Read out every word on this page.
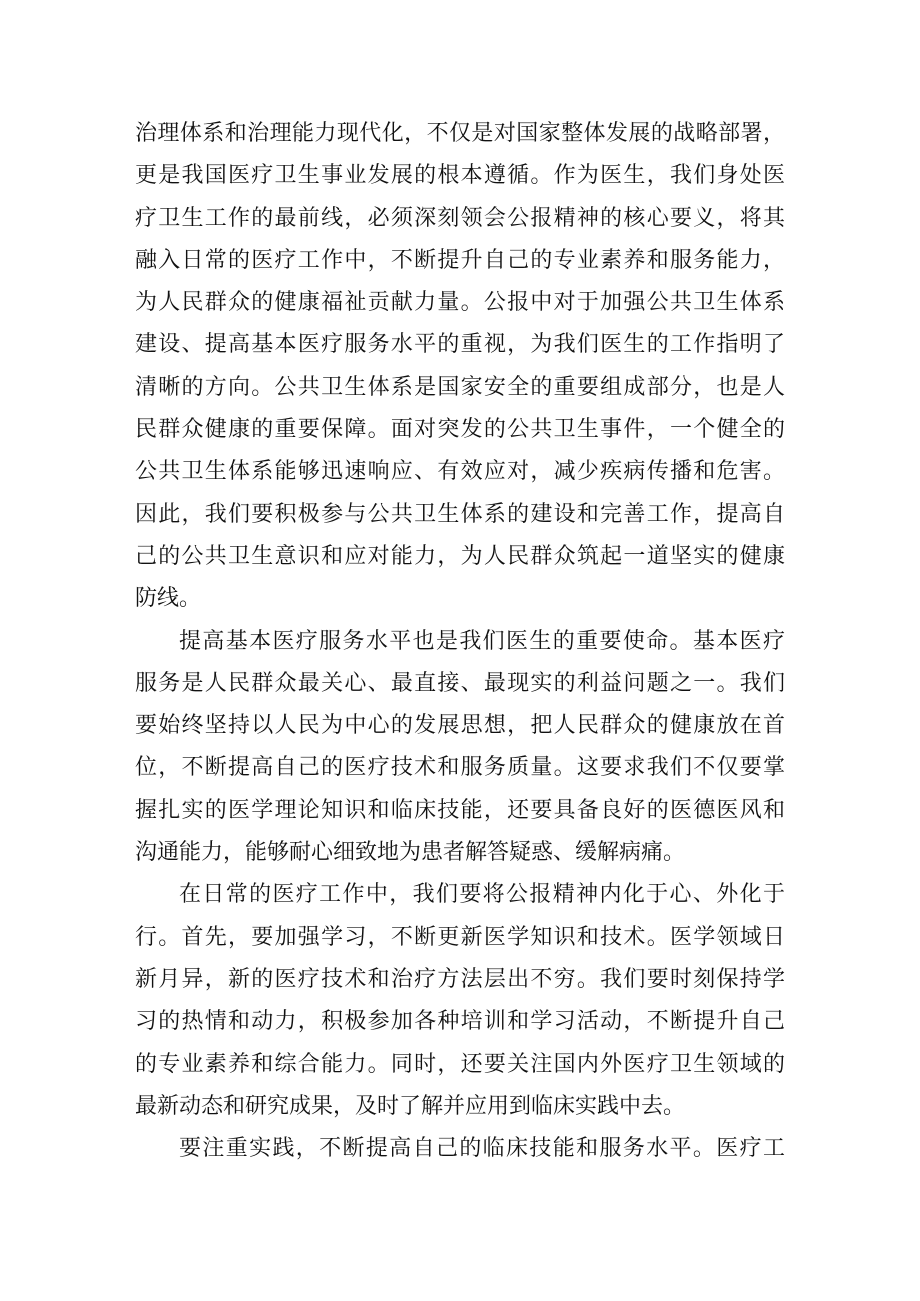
治理体系和治理能力现代化，不仅是对国家整体发展的战略部署，
更是我国医疗卫生事业发展的根本遵循。作为医生，我们身处医
疗卫生工作的最前线，必须深刻领会公报精神的核心要义，将其
融入日常的医疗工作中，不断提升自己的专业素养和服务能力，
为人民群众的健康福祉贡献力量。公报中对于加强公共卫生体系
建设、提高基本医疗服务水平的重视，为我们医生的工作指明了
清晰的方向。公共卫生体系是国家安全的重要组成部分，也是人
民群众健康的重要保障。面对突发的公共卫生事件，一个健全的
公共卫生体系能够迅速响应、有效应对，减少疾病传播和危害。
因此，我们要积极参与公共卫生体系的建设和完善工作，提高自
己的公共卫生意识和应对能力，为人民群众筑起一道坚实的健康
防线。
提高基本医疗服务水平也是我们医生的重要使命。基本医疗
服务是人民群众最关心、最直接、最现实的利益问题之一。我们
要始终坚持以人民为中心的发展思想，把人民群众的健康放在首
位，不断提高自己的医疗技术和服务质量。这要求我们不仅要掌
握扎实的医学理论知识和临床技能，还要具备良好的医德医风和
沟通能力，能够耐心细致地为患者解答疑惑、缓解病痛。
在日常的医疗工作中，我们要将公报精神内化于心、外化于
行。首先，要加强学习，不断更新医学知识和技术。医学领域日
新月异，新的医疗技术和治疗方法层出不穷。我们要时刻保持学
习的热情和动力，积极参加各种培训和学习活动，不断提升自己
的专业素养和综合能力。同时，还要关注国内外医疗卫生领域的
最新动态和研究成果，及时了解并应用到临床实践中去。
要注重实践，不断提高自己的临床技能和服务水平。医疗工
